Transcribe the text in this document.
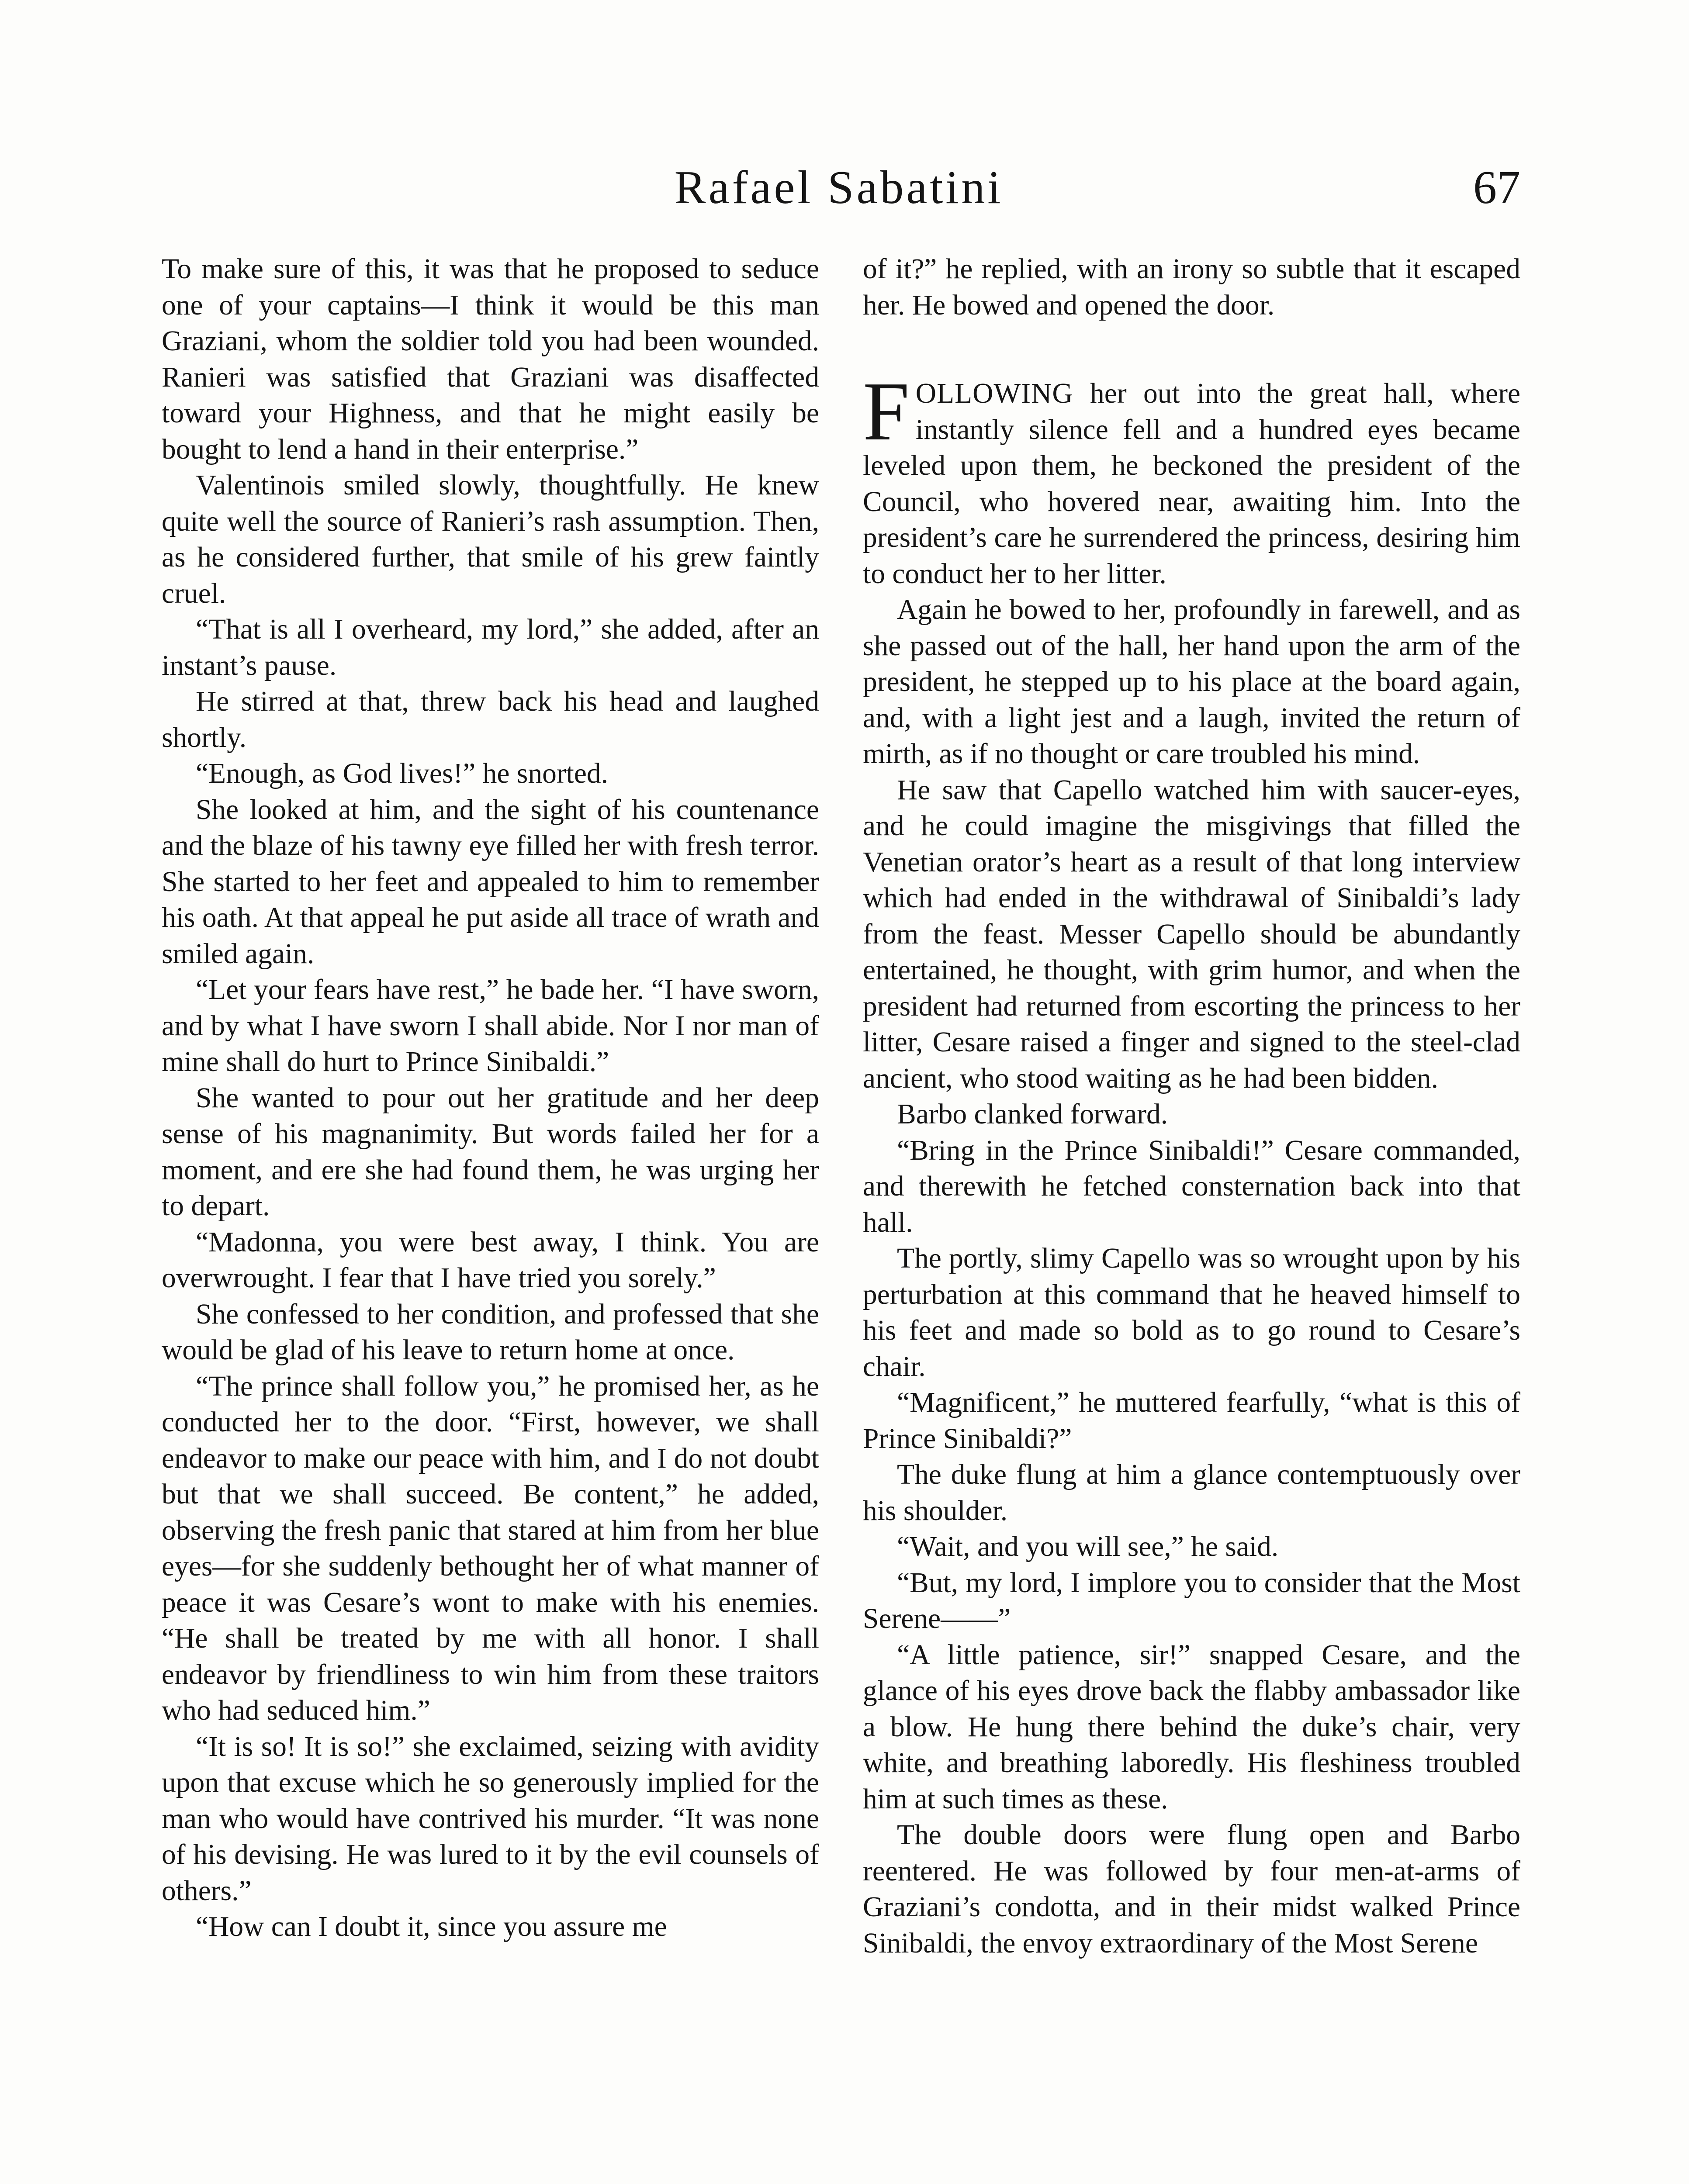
Rafael Sabatini	67

To make sure of this, it was that he proposed to seduce one of your captains—I think it would be this man Graziani, whom the soldier told you had been wounded. Ranieri was satisfied that Graziani was disaffected toward your Highness, and that he might easily be bought to lend a hand in their enterprise.”

Valentinois smiled slowly, thoughtfully. He knew quite well the source of Ranieri’s rash assumption. Then, as he considered further, that smile of his grew faintly cruel.

“That is all I overheard, my lord,” she added, after an instant’s pause.

He stirred at that, threw back his head and laughed shortly.

“Enough, as God lives!” he snorted.

She looked at him, and the sight of his countenance and the blaze of his tawny eye filled her with fresh terror. She started to her feet and appealed to him to remember his oath. At that appeal he put aside all trace of wrath and smiled again.

“Let your fears have rest,” he bade her. “I have sworn, and by what I have sworn I shall abide. Nor I nor man of mine shall do hurt to Prince Sinibaldi.”

She wanted to pour out her gratitude and her deep sense of his magnanimity. But words failed her for a moment, and ere she had found them, he was urging her to depart.

“Madonna, you were best away, I think. You are overwrought. I fear that I have tried you sorely.”

She confessed to her condition, and professed that she would be glad of his leave to return home at once.

“The prince shall follow you,” he promised her, as he conducted her to the door. “First, however, we shall endeavor to make our peace with him, and I do not doubt but that we shall succeed. Be content,” he added, observing the fresh panic that stared at him from her blue eyes—for she suddenly bethought her of what manner of peace it was Cesare’s wont to make with his enemies. “He shall be treated by me with all honor. I shall endeavor by friendliness to win him from these traitors who had seduced him.”

“It is so! It is so!” she exclaimed, seizing with avidity upon that excuse which he so generously implied for the man who would have contrived his murder. “It was none of his devising. He was lured to it by the evil counsels of others.”

“How can I doubt it, since you assure me

of it?” he replied, with an irony so subtle that it escaped her. He bowed and opened the door.

FOLLOWING her out into the great hall, where instantly silence fell and a hundred eyes became leveled upon them, he beckoned the president of the Council, who hovered near, awaiting him. Into the president’s care he surrendered the princess, desiring him to conduct her to her litter.

Again he bowed to her, profoundly in farewell, and as she passed out of the hall, her hand upon the arm of the president, he stepped up to his place at the board again, and, with a light jest and a laugh, invited the return of mirth, as if no thought or care troubled his mind.

He saw that Capello watched him with saucer-eyes, and he could imagine the misgivings that filled the Venetian orator’s heart as a result of that long interview which had ended in the withdrawal of Sinibaldi’s lady from the feast. Messer Capello should be abundantly entertained, he thought, with grim humor, and when the president had returned from escorting the princess to her litter, Cesare raised a finger and signed to the steel-clad ancient, who stood waiting as he had been bidden.

Barbo clanked forward.

“Bring in the Prince Sinibaldi!” Cesare commanded, and therewith he fetched consternation back into that hall.

The portly, slimy Capello was so wrought upon by his perturbation at this command that he heaved himself to his feet and made so bold as to go round to Cesare’s chair.

“Magnificent,” he muttered fearfully, “what is this of Prince Sinibaldi?”

The duke flung at him a glance contemptuously over his shoulder.

“Wait, and you will see,” he said.

“But, my lord, I implore you to consider that the Most Serene——”

“A little patience, sir!” snapped Cesare, and the glance of his eyes drove back the flabby ambassador like a blow. He hung there behind the duke’s chair, very white, and breathing laboredly. His fleshiness troubled him at such times as these.

The double doors were flung open and Barbo reentered. He was followed by four men-at-arms of Graziani’s condotta, and in their midst walked Prince Sinibaldi, the envoy extraordinary of the Most Serene
